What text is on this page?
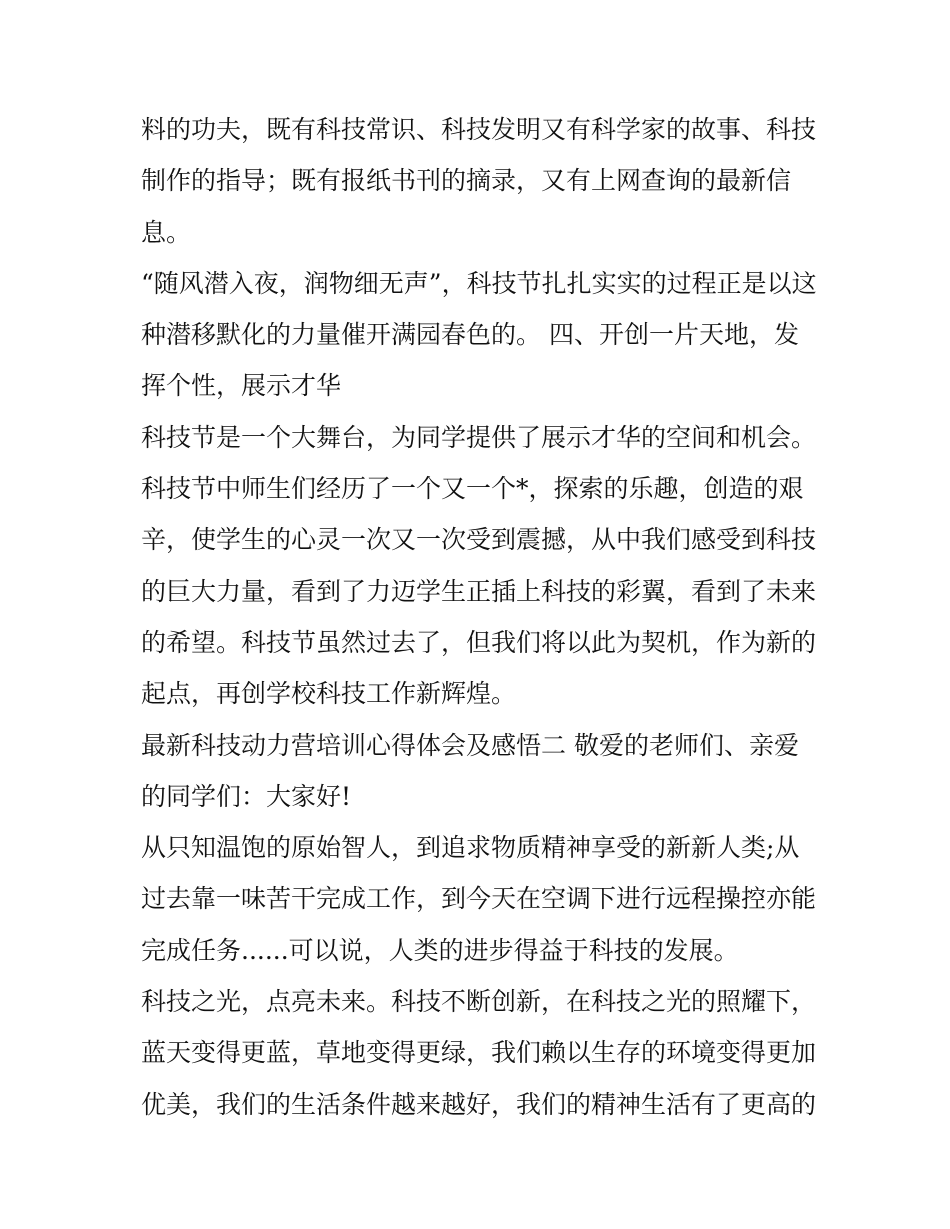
料的功夫，既有科技常识、科技发明又有科学家的故事、科技
制作的指导；既有报纸书刊的摘录，又有上网查询的最新信
息。
“随风潜入夜，润物细无声”，科技节扎扎实实的过程正是以这
种潜移默化的力量催开满园春色的。 四、开创一片天地，发
挥个性，展示才华
科技节是一个大舞台，为同学提供了展示才华的空间和机会。
科技节中师生们经历了一个又一个*，探索的乐趣，创造的艰
辛，使学生的心灵一次又一次受到震撼，从中我们感受到科技
的巨大力量，看到了力迈学生正插上科技的彩翼，看到了未来
的希望。科技节虽然过去了，但我们将以此为契机，作为新的
起点，再创学校科技工作新辉煌。
最新科技动力营培训心得体会及感悟二 敬爱的老师们、亲爱
的同学们：大家好!
从只知温饱的原始智人，到追求物质精神享受的新新人类;从
过去靠一味苦干完成工作，到今天在空调下进行远程操控亦能
完成任务......可以说，人类的进步得益于科技的发展。
科技之光，点亮未来。科技不断创新，在科技之光的照耀下，
蓝天变得更蓝，草地变得更绿，我们赖以生存的环境变得更加
优美，我们的生活条件越来越好，我们的精神生活有了更高的
